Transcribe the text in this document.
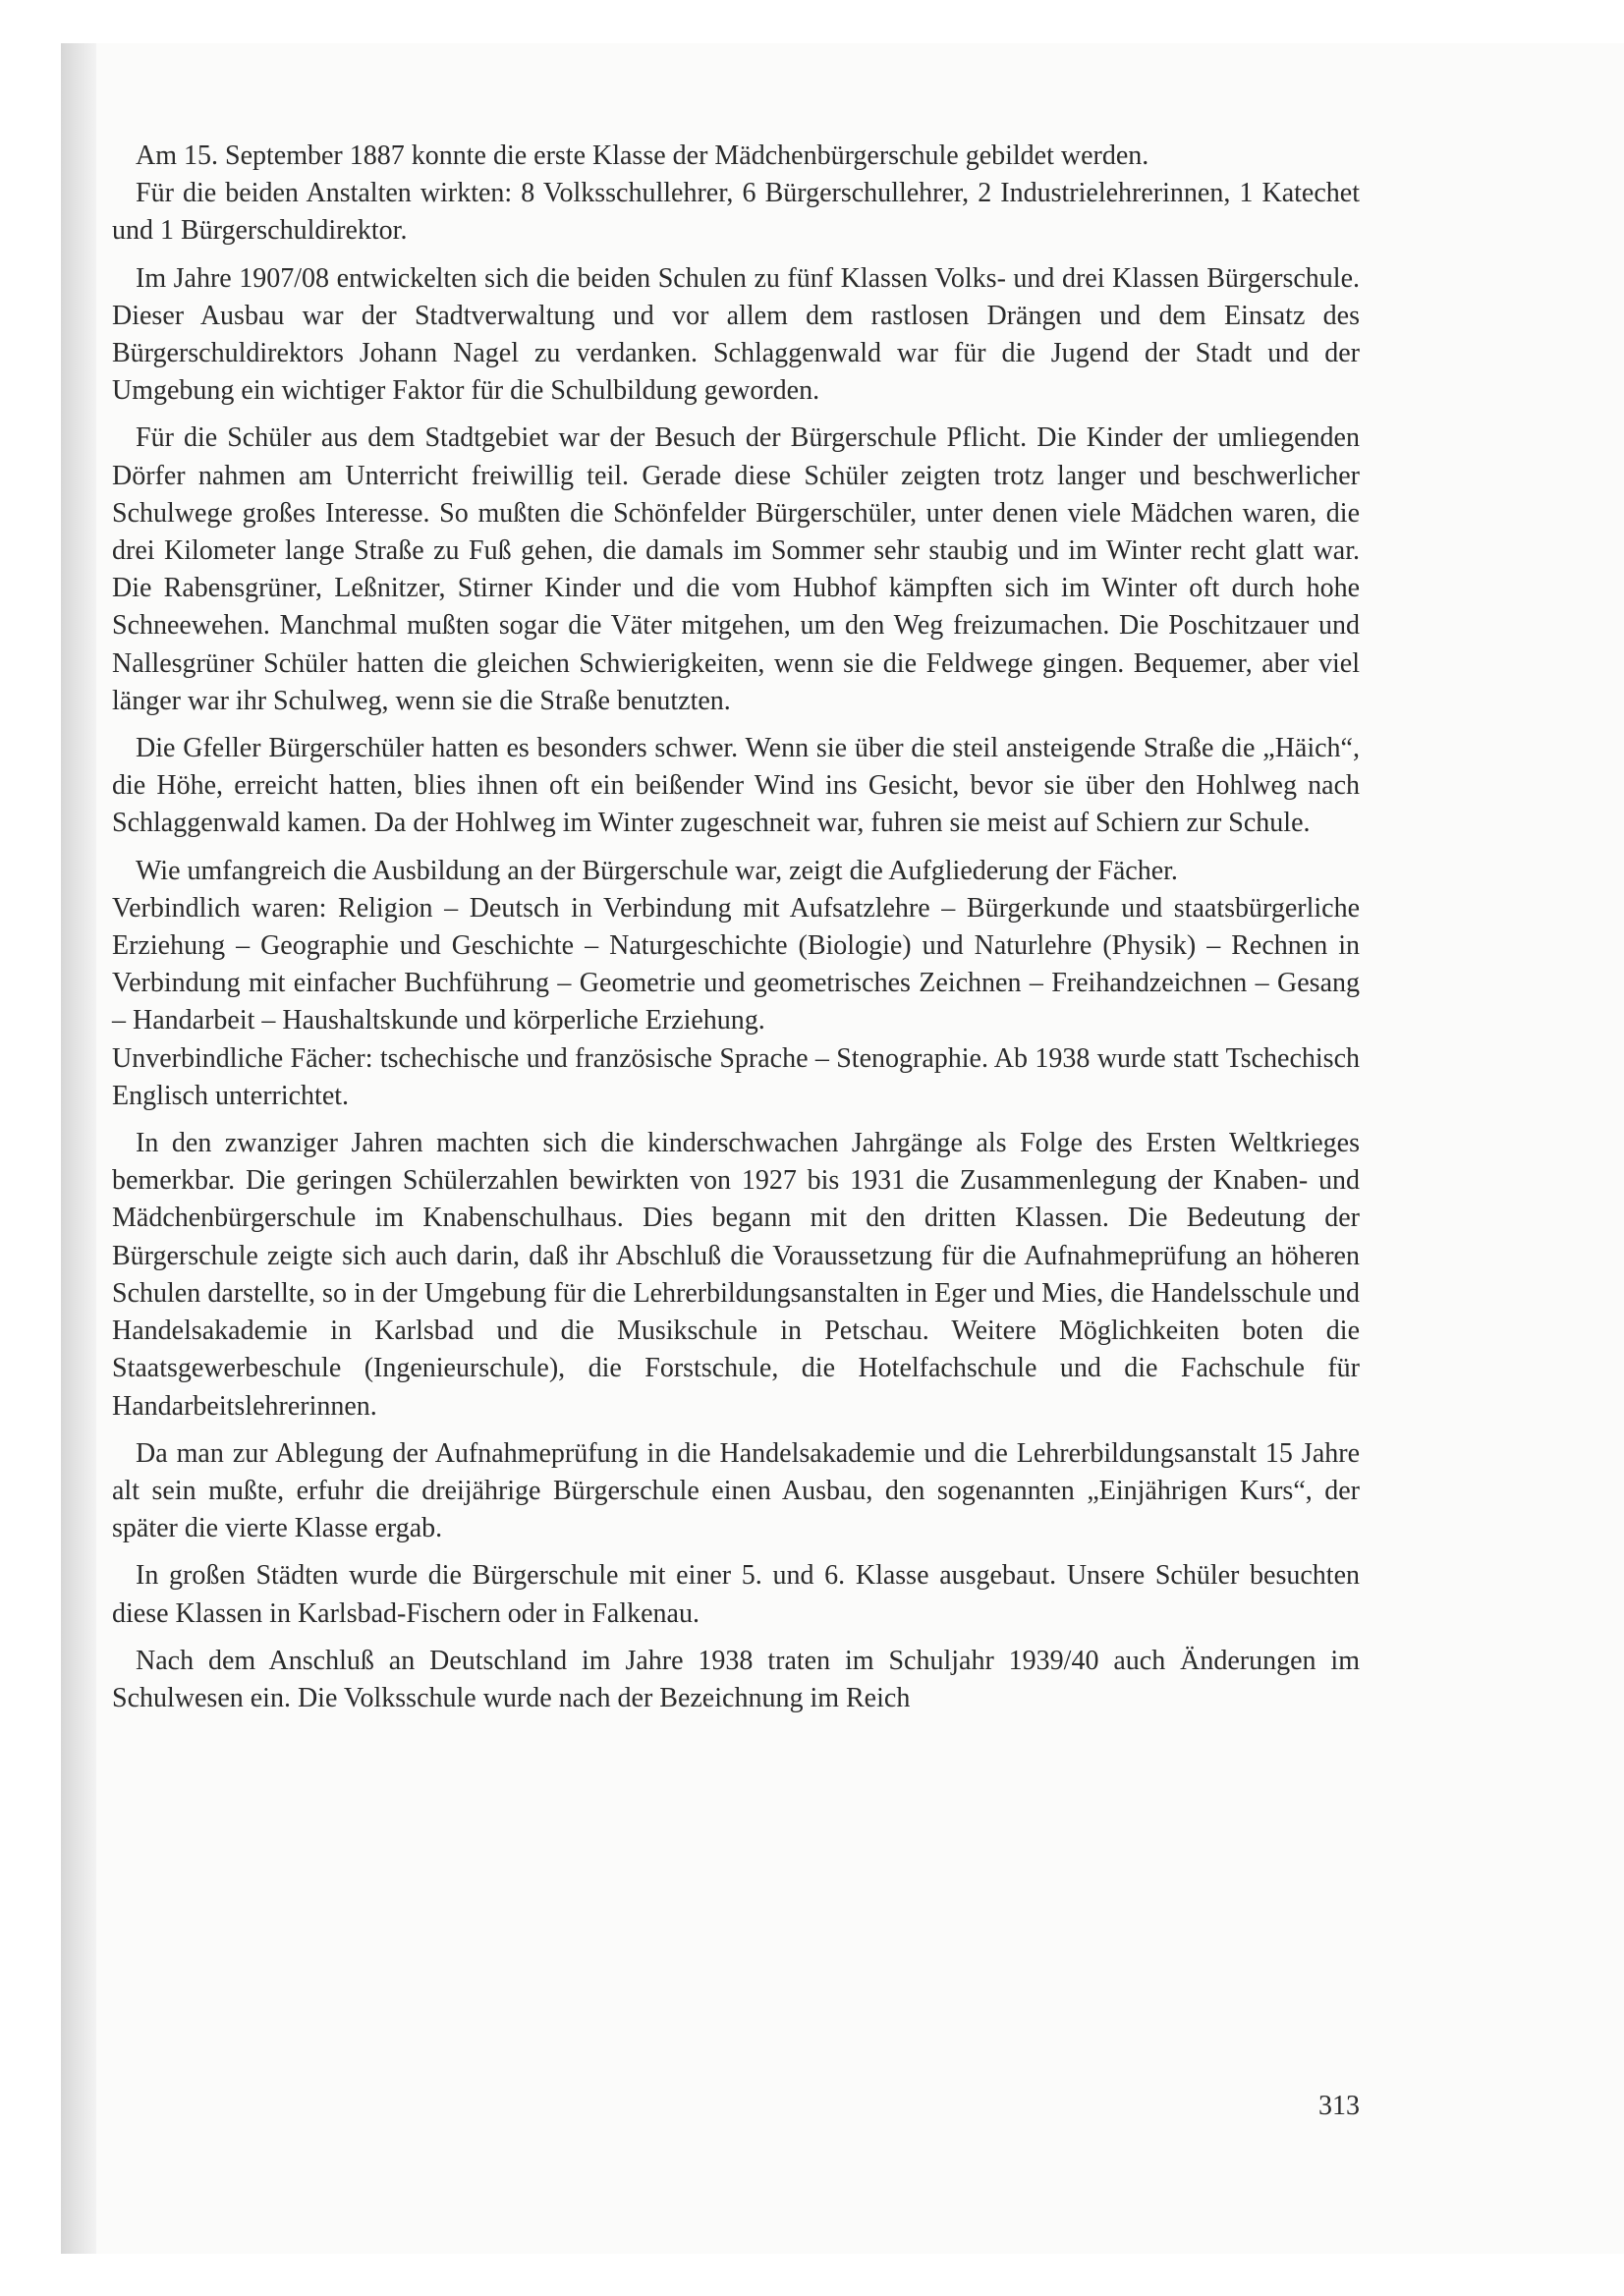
Am 15. September 1887 konnte die erste Klasse der Mädchenbürgerschule gebildet werden.

Für die beiden Anstalten wirkten: 8 Volksschullehrer, 6 Bürgerschullehrer, 2 Industrielehrerinnen, 1 Katechet und 1 Bürgerschuldirektor.

Im Jahre 1907/08 entwickelten sich die beiden Schulen zu fünf Klassen Volks- und drei Klassen Bürgerschule. Dieser Ausbau war der Stadtverwaltung und vor allem dem rastlosen Drängen und dem Einsatz des Bürgerschuldirektors Johann Nagel zu verdanken. Schlaggenwald war für die Jugend der Stadt und der Umgebung ein wichtiger Faktor für die Schulbildung geworden.

Für die Schüler aus dem Stadtgebiet war der Besuch der Bürgerschule Pflicht. Die Kinder der umliegenden Dörfer nahmen am Unterricht freiwillig teil. Gerade diese Schüler zeigten trotz langer und beschwerlicher Schulwege großes Interesse. So mußten die Schönfelder Bürgerschüler, unter denen viele Mädchen waren, die drei Kilometer lange Straße zu Fuß gehen, die damals im Sommer sehr staubig und im Winter recht glatt war. Die Rabensgrüner, Leßnitzer, Stirner Kinder und die vom Hubhof kämpften sich im Winter oft durch hohe Schneewehen. Manchmal mußten sogar die Väter mitgehen, um den Weg freizumachen. Die Poschitzauer und Nallesgrüner Schüler hatten die gleichen Schwierigkeiten, wenn sie die Feldwege gingen. Bequemer, aber viel länger war ihr Schulweg, wenn sie die Straße benutzten.

Die Gfeller Bürgerschüler hatten es besonders schwer. Wenn sie über die steil ansteigende Straße die „Häich“, die Höhe, erreicht hatten, blies ihnen oft ein beißender Wind ins Gesicht, bevor sie über den Hohlweg nach Schlaggenwald kamen. Da der Hohlweg im Winter zugeschneit war, fuhren sie meist auf Schiern zur Schule.

Wie umfangreich die Ausbildung an der Bürgerschule war, zeigt die Aufgliederung der Fächer.

Verbindlich waren: Religion – Deutsch in Verbindung mit Aufsatzlehre – Bürgerkunde und staatsbürgerliche Erziehung – Geographie und Geschichte – Naturgeschichte (Biologie) und Naturlehre (Physik) – Rechnen in Verbindung mit einfacher Buchführung – Geometrie und geometrisches Zeichnen – Freihandzeichnen – Gesang – Handarbeit – Haushaltskunde und körperliche Erziehung.

Unverbindliche Fächer: tschechische und französische Sprache – Stenographie. Ab 1938 wurde statt Tschechisch Englisch unterrichtet.

In den zwanziger Jahren machten sich die kinderschwachen Jahrgänge als Folge des Ersten Weltkrieges bemerkbar. Die geringen Schülerzahlen bewirkten von 1927 bis 1931 die Zusammenlegung der Knaben- und Mädchenbürgerschule im Knabenschulhaus. Dies begann mit den dritten Klassen. Die Bedeutung der Bürgerschule zeigte sich auch darin, daß ihr Abschluß die Voraussetzung für die Aufnahmeprüfung an höheren Schulen darstellte, so in der Umgebung für die Lehrerbildungsanstalten in Eger und Mies, die Handelsschule und Handelsakademie in Karlsbad und die Musikschule in Petschau. Weitere Möglichkeiten boten die Staatsgewerbeschule (Ingenieurschule), die Forstschule, die Hotelfachschule und die Fachschule für Handarbeitslehrerinnen.

Da man zur Ablegung der Aufnahmeprüfung in die Handelsakademie und die Lehrerbildungsanstalt 15 Jahre alt sein mußte, erfuhr die dreijährige Bürgerschule einen Ausbau, den sogenannten „Einjährigen Kurs“, der später die vierte Klasse ergab.

In großen Städten wurde die Bürgerschule mit einer 5. und 6. Klasse ausgebaut. Unsere Schüler besuchten diese Klassen in Karlsbad-Fischern oder in Falkenau.

Nach dem Anschluß an Deutschland im Jahre 1938 traten im Schuljahr 1939/40 auch Änderungen im Schulwesen ein. Die Volksschule wurde nach der Bezeichnung im Reich

313
